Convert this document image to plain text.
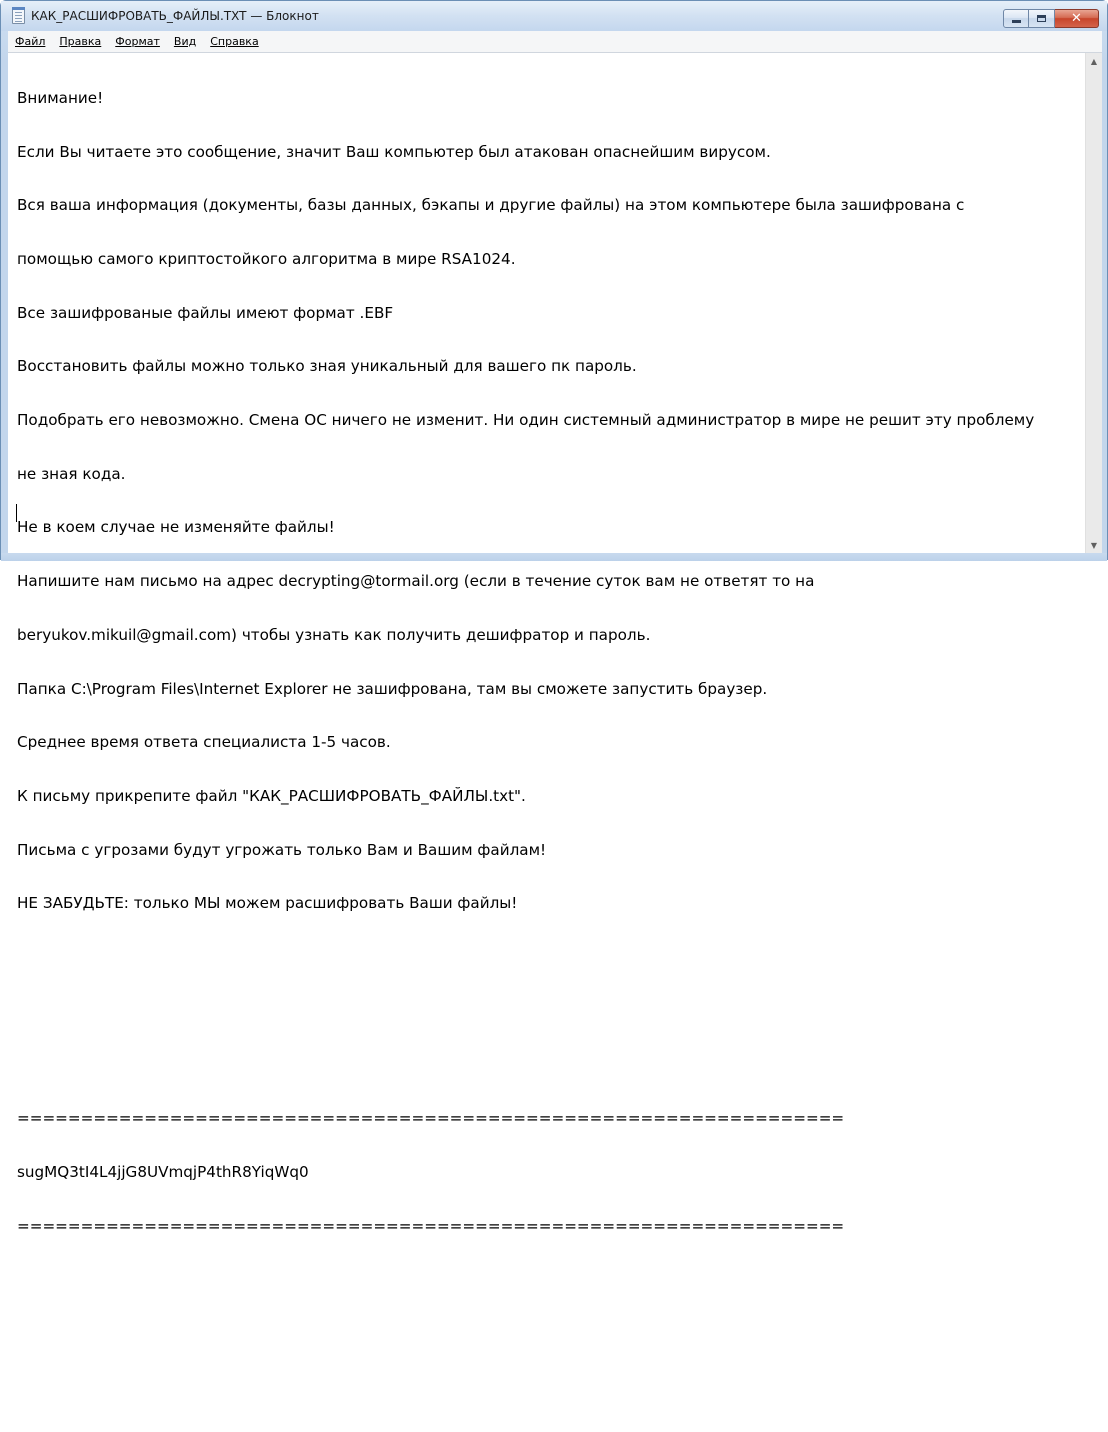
КАК_РАСШИФРОВАТЬ_ФАЙЛЫ.TXT — Блокнот	✕
Файл	Правка	Формат	Вид	Справка

Внимание!

Если Вы читаете это сообщение, значит Ваш компьютер был атакован опаснейшим вирусом.

Вся ваша информация (документы, базы данных, бэкапы и другие файлы) на этом компьютере была зашифрована с

помощью самого криптостойкого алгоритма в мире RSA1024.

Все зашифрованые файлы имеют формат .EBF

Восстановить файлы можно только зная уникальный для вашего пк пароль.

Подобрать его невозможно. Смена ОС ничего не изменит. Ни один системный администратор в мире не решит эту проблему

не зная кода.

Не в коем случае не изменяйте файлы!

Напишите нам письмо на адрес decrypting@tormail.org (если в течение суток вам не ответят то на

beryukov.mikuil@gmail.com) чтобы узнать как получить дешифратор и пароль.

Папка C:\Program Files\Internet Explorer не зашифрована, там вы сможете запустить браузер.

Среднее время ответа специалиста 1-5 часов.

К письму прикрепите файл "КАК_РАСШИФРОВАТЬ_ФАЙЛЫ.txt".

Письма с угрозами будут угрожать только Вам и Вашим файлам!

НЕ ЗАБУДЬТЕ: только МЫ можем расшифровать Ваши файлы!

=================================================================

sugMQ3tI4L4jjG8UVmqjP4thR8YiqWq0

=================================================================

▲
▼
